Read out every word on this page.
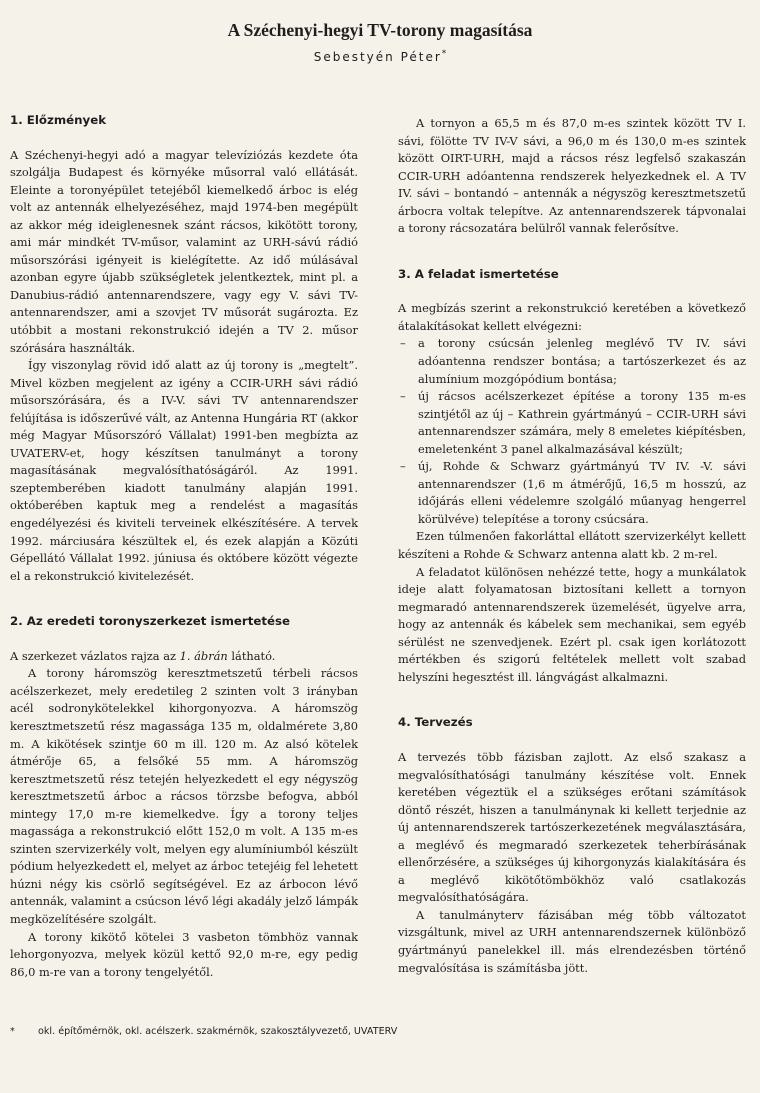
A Széchenyi-hegyi TV-torony magasítása
Sebestyén Péter*
1. Előzmények

A Széchenyi-hegyi adó a magyar televíziózás kezdete óta szolgálja Budapest és környéke műsorral való ellátását. Eleinte a toronyépület tetejéből kiemelkedő árboc is elég volt az antennák elhelyezéséhez, majd 1974-ben megépült az akkor még ideiglenesnek szánt rácsos, kikötött torony, ami már mindkét TV-műsor, valamint az URH-sávú rádió műsorszórási igényeit is kielégítette. Az idő múlásával azonban egyre újabb szükségletek jelentkeztek, mint pl. a Danubius-rádió antennarendszere, vagy egy V. sávi TV-antennarendszer, ami a szovjet TV műsorát sugározta. Ez utóbbit a mostani rekonstrukció idején a TV 2. műsor szórására használták.

Így viszonylag rövid idő alatt az új torony is „megtelt”. Mivel közben megjelent az igény a CCIR-URH sávi rádió műsorszórására, és a IV-V. sávi TV antennarendszer felújítása is időszerűvé vált, az Antenna Hungária RT (akkor még Magyar Műsorszóró Vállalat) 1991-ben megbízta az UVATERV-et, hogy készítsen tanulmányt a torony magasításának megvalósíthatóságáról. Az 1991. szeptemberében kiadott tanulmány alapján 1991. októberében kaptuk meg a rendelést a magasítás engedélyezési és kiviteli terveinek elkészítésére. A tervek 1992. márciusára készültek el, és ezek alapján a Közúti Gépellátó Vállalat 1992. júniusa és októbere között végezte el a rekonstrukció kivitelezését.

2. Az eredeti toronyszerkezet ismertetése

A szerkezet vázlatos rajza az 1. ábrán látható.

A torony háromszög keresztmetszetű térbeli rácsos acélszerkezet, mely eredetileg 2 szinten volt 3 irányban acél sodronykötelekkel kihorgonyozva. A háromszög keresztmetszetű rész magassága 135 m, oldalmérete 3,80 m. A kikötések szintje 60 m ill. 120 m. Az alsó kötelek átmérője 65, a felsőké 55 mm. A háromszög keresztmetszetű rész tetején helyezkedett el egy négyszög keresztmetszetű árboc a rácsos törzsbe befogva, abból mintegy 17,0 m-re kiemelkedve. Így a torony teljes magassága a rekonstrukció előtt 152,0 m volt. A 135 m-es szinten szervizerkély volt, melyen egy alumíniumból készült pódium helyezkedett el, melyet az árboc tetejéig fel lehetett húzni négy kis csörlő segítségével. Ez az árbocon lévő antennák, valamint a csúcson lévő légi akadály jelző lámpák megközelítésére szolgált.

A torony kikötő kötelei 3 vasbeton tömbhöz vannak lehorgonyozva, melyek közül kettő 92,0 m-re, egy pedig 86,0 m-re van a torony tengelyétől.

A tornyon a 65,5 m és 87,0 m-es szintek között TV I. sávi, fölötte TV IV-V sávi, a 96,0 m és 130,0 m-es szintek között OIRT-URH, majd a rácsos rész legfelső szakaszán CCIR-URH adóantenna rendszerek helyezkednek el. A TV IV. sávi – bontandó – antennák a négyszög keresztmetszetű árbocra voltak telepítve. Az antennarendszerek tápvonalai a torony rácsozatára belülről vannak felerősítve.

3. A feladat ismertetése

A megbízás szerint a rekonstrukció keretében a következő átalakításokat kellett elvégezni:

– a torony csúcsán jelenleg meglévő TV IV. sávi adóantenna rendszer bontása; a tartószerkezet és az alumínium mozgópódium bontása;
– új rácsos acélszerkezet építése a torony 135 m-es szintjétől az új – Kathrein gyártmányú – CCIR-URH sávi antennarendszer számára, mely 8 emeletes kiépítésben, emeletenként 3 panel alkalmazásával készült;
– új, Rohde & Schwarz gyártmányú TV IV. -V. sávi antennarendszer (1,6 m átmérőjű, 16,5 m hosszú, az időjárás elleni védelemre szolgáló műanyag hengerrel körülvéve) telepítése a torony csúcsára.

Ezen túlmenően fakorláttal ellátott szervizerkélyt kellett készíteni a Rohde & Schwarz antenna alatt kb. 2 m-rel.

A feladatot különösen nehézzé tette, hogy a munkálatok ideje alatt folyamatosan biztosítani kellett a tornyon megmaradó antennarendszerek üzemelését, ügyelve arra, hogy az antennák és kábelek sem mechanikai, sem egyéb sérülést ne szenvedjenek. Ezért pl. csak igen korlátozott mértékben és szigorú feltételek mellett volt szabad helyszíni hegesztést ill. lángvágást alkalmazni.

4. Tervezés

A tervezés több fázisban zajlott. Az első szakasz a megvalósíthatósági tanulmány készítése volt. Ennek keretében végeztük el a szükséges erőtani számítások döntő részét, hiszen a tanulmánynak ki kellett terjednie az új antennarendszerek tartószerkezetének megválasztására, a meglévő és megmaradó szerkezetek teherbírásának ellenőrzésére, a szükséges új kihorgonyzás kialakítására és a meglévő kikötőtömbökhöz való csatlakozás megvalósíthatóságára.

A tanulmányterv fázisában még több változatot vizsgáltunk, mivel az URH antennarendszernek különböző gyártmányú panelekkel ill. más elrendezésben történő megvalósítása is számításba jött.

* okl. építőmérnök, okl. acélszerk. szakmérnök, szakosztályvezető, UVATERV
